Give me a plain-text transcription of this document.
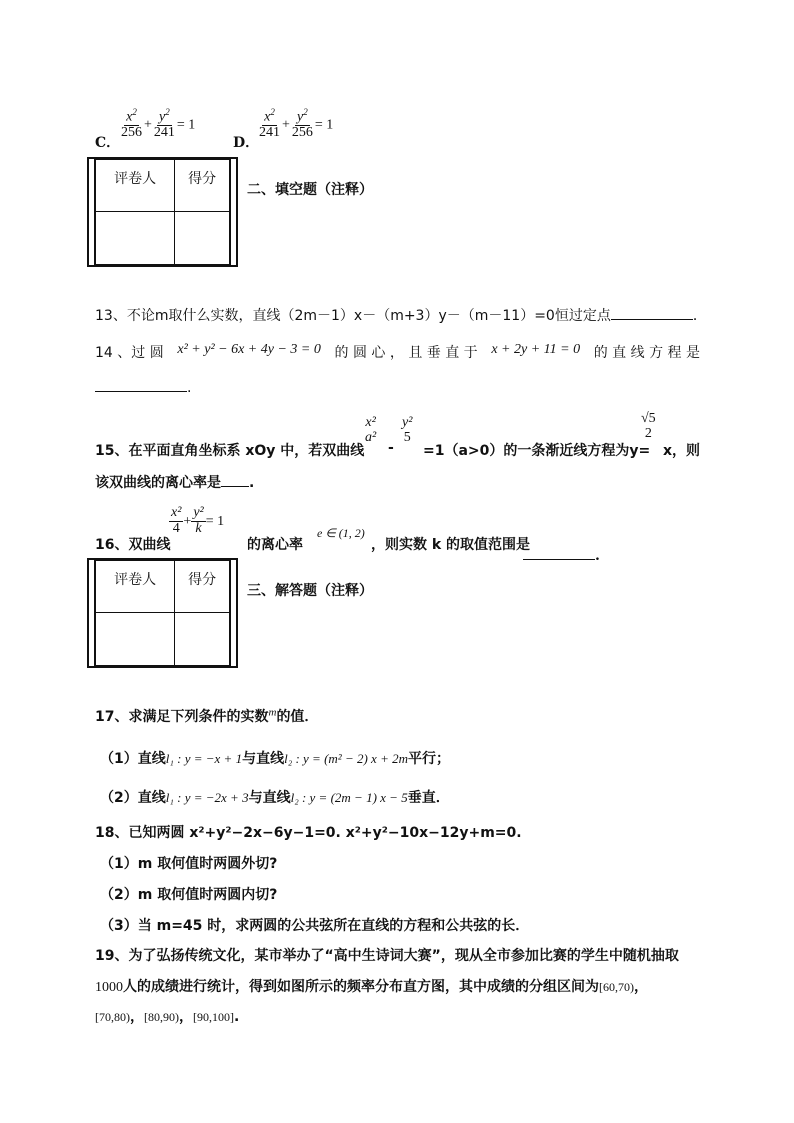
C．
$\frac{x^2}{256} + \frac{y^2}{241} = 1$
D．
$\frac{x^2}{241} + \frac{y^2}{256} = 1$
评卷人	得分

二、填空题（注释）
13、不论m取什么实数，直线（2m－1）x－（m+3）y－（m－11）=0恒过定点	．
14 、过 圆 x² + y² − 6x + 4y − 3 = 0 的 圆 心 ， 且 垂 直 于 x + 2y + 11 = 0 的 直 线 方 程 是
.
15、在平面直角坐标系 xOy 中，若双曲线
x²
a²
-
y²
5
=1（a>0）的一条渐近线方程为y=
√5
2
x，则
该双曲线的离心率是 .
16、双曲线
$\frac{\text{x²}}{4} + \frac{\text{y²}}{k} = 1$
的离心率
e ∈ (1, 2)
，则实数 k 的取值范围是
.
评卷人	得分

三、解答题（注释）
17、求满足下列条件的实数$^m$的值．
（1）直线l₁ : y = −x + 1与直线l₂ : y = (m² − 2) x + 2m平行；
（2）直线l₁ : y = −2x + 3与直线l₂ : y = (2m − 1) x − 5垂直．
18、已知两圆 x²+y²−2x−6y−1=0. x²+y²−10x−12y+m=0.
（1）m 取何值时两圆外切?
（2）m 取何值时两圆内切?
（3）当 m=45 时，求两圆的公共弦所在直线的方程和公共弦的长．
19、为了弘扬传统文化，某市举办了“高中生诗词大赛”，现从全市参加比赛的学生中随机抽取
1000人的成绩进行统计，得到如图所示的频率分布直方图，其中成绩的分组区间为[60,70)，
[70,80)，[80,90)，[90,100].
